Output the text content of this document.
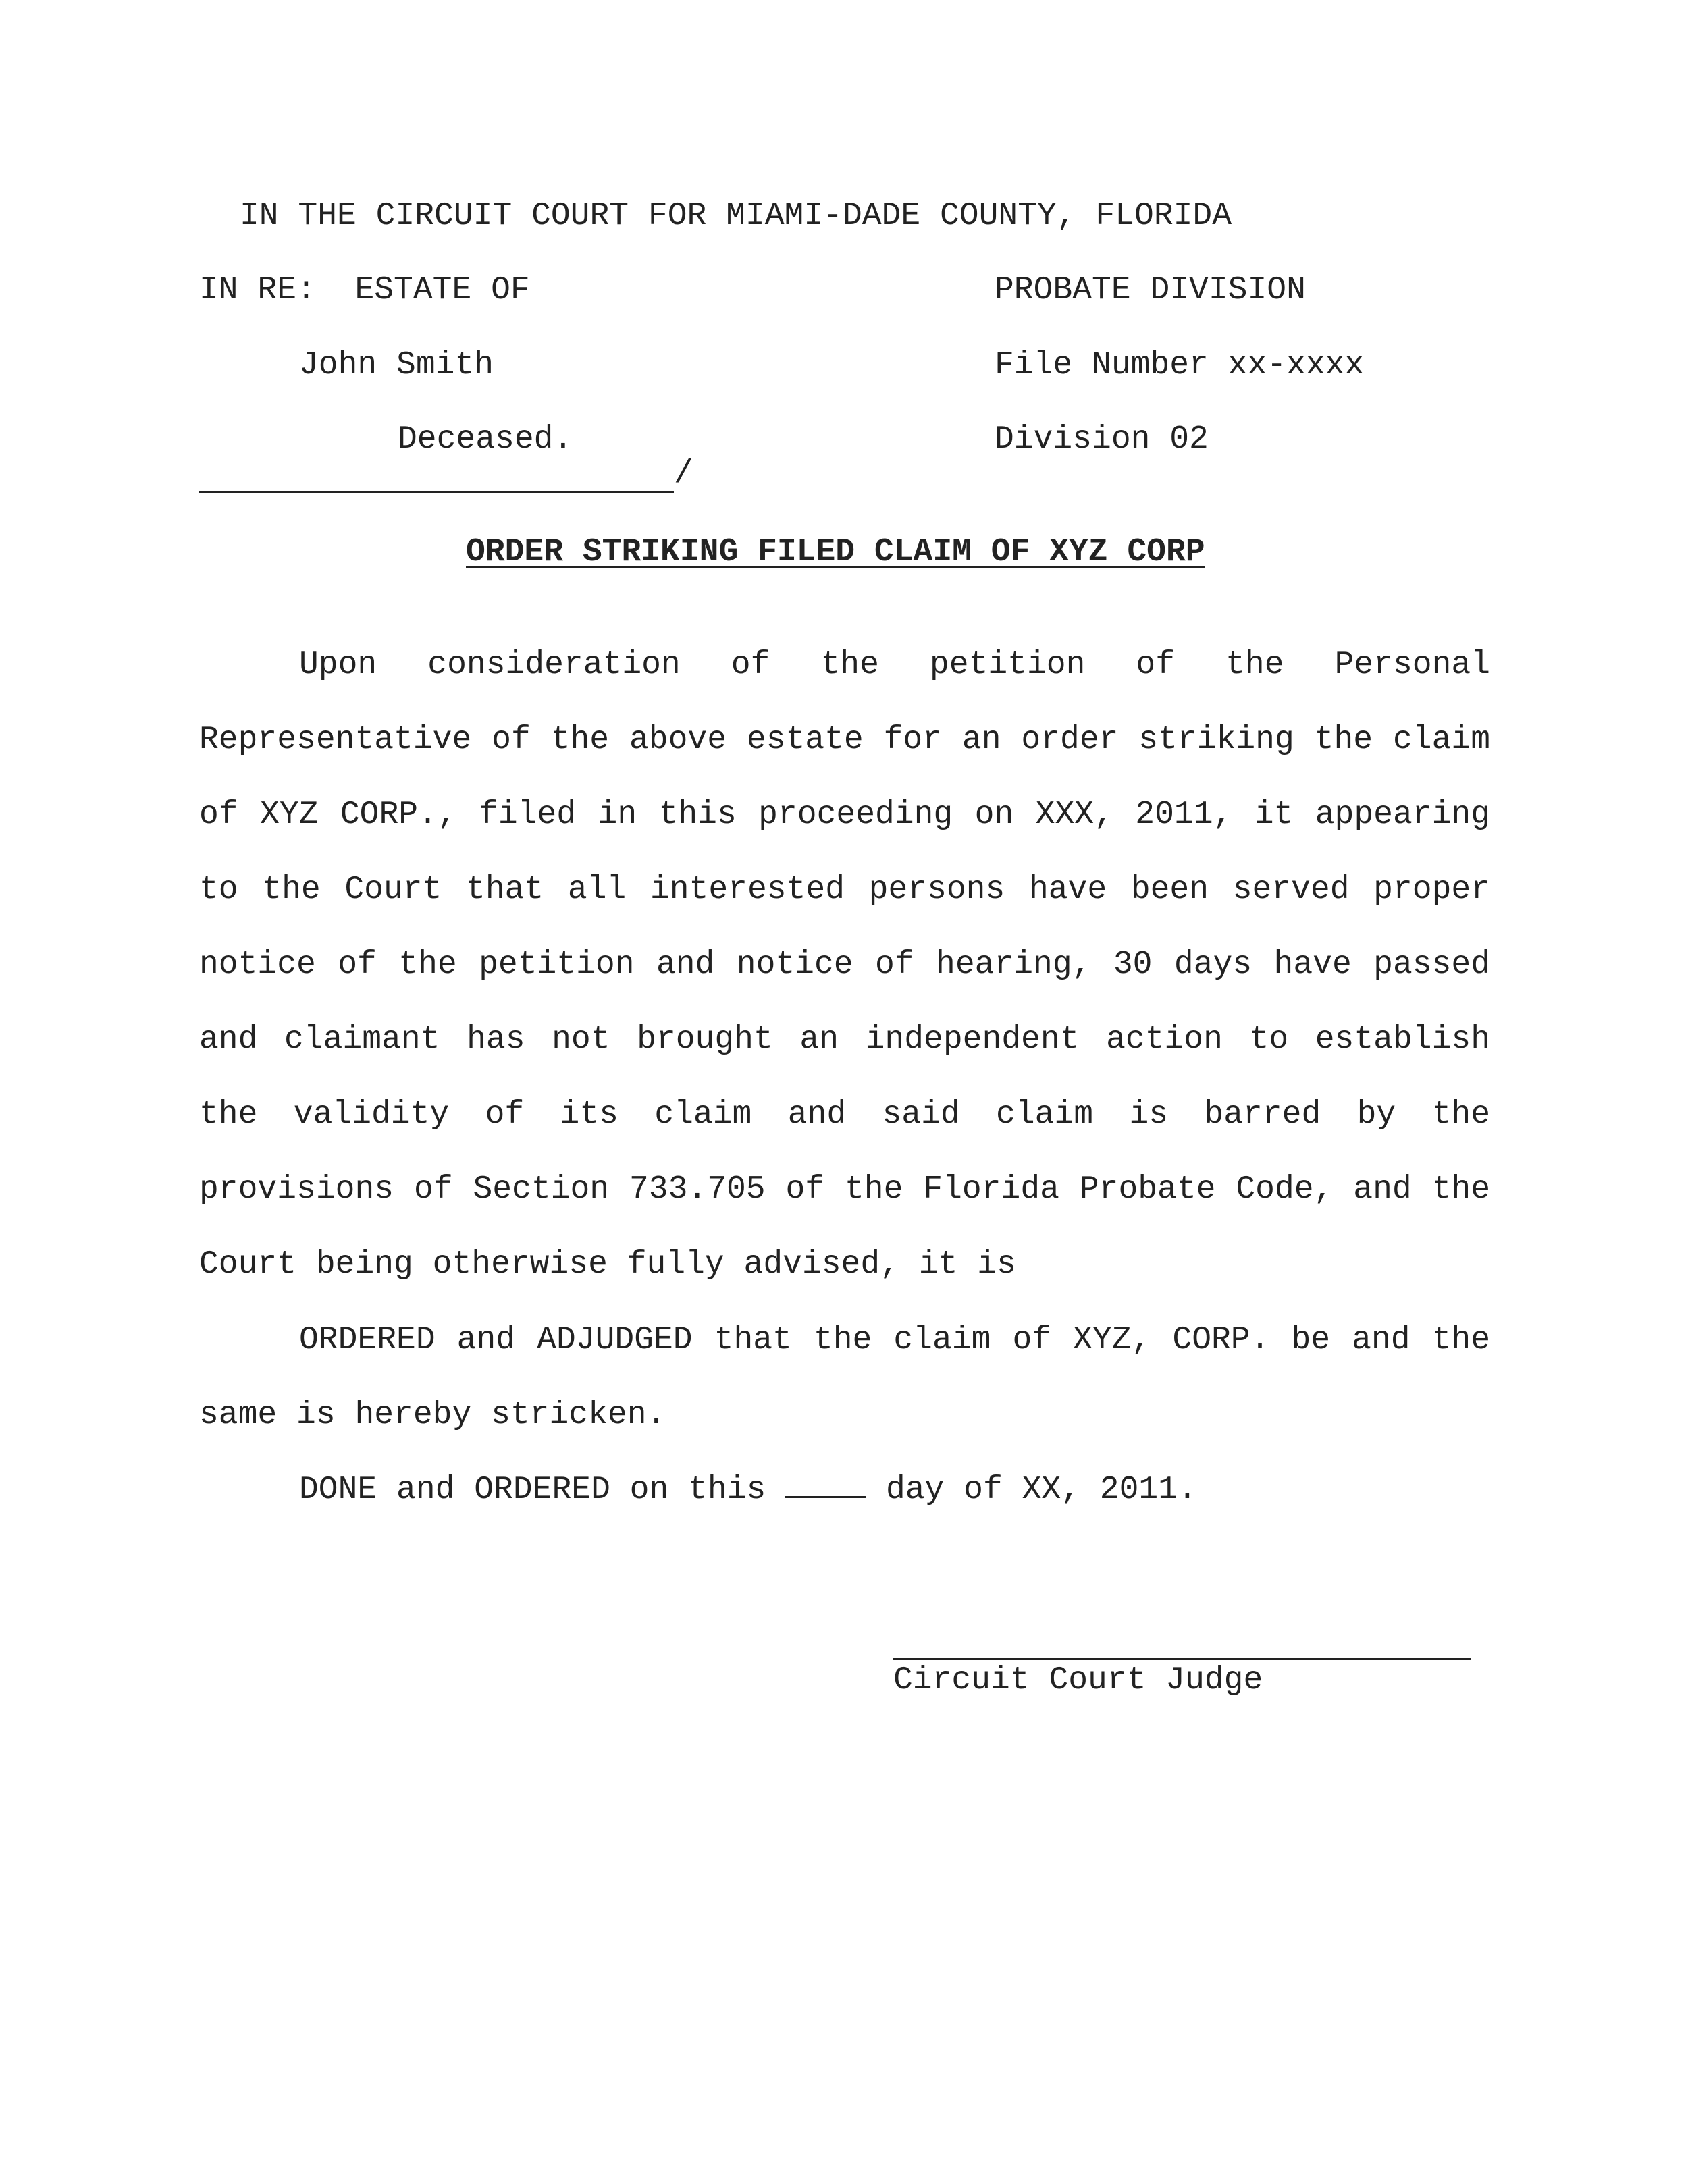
IN THE CIRCUIT COURT FOR MIAMI-DADE COUNTY, FLORIDA
IN RE:  ESTATE OF
John Smith
Deceased.
PROBATE DIVISION
File Number xx-xxxx
Division 02
/
ORDER STRIKING FILED CLAIM OF XYZ CORP
Upon consideration of the petition of the Personal Representative of the above estate for an order striking the claim of XYZ CORP., filed in this proceeding on XXX, 2011, it appearing to the Court that all interested persons have been served proper notice of the petition and notice of hearing, 30 days have passed and claimant has not brought an independent action to establish the validity of its claim and said claim is barred by the provisions of Section 733.705 of the Florida Probate Code, and the Court being otherwise fully advised, it is
ORDERED and ADJUDGED that the claim of XYZ, CORP. be and the same is hereby stricken.
DONE and ORDERED on this	day of XX, 2011.
Circuit Court Judge
